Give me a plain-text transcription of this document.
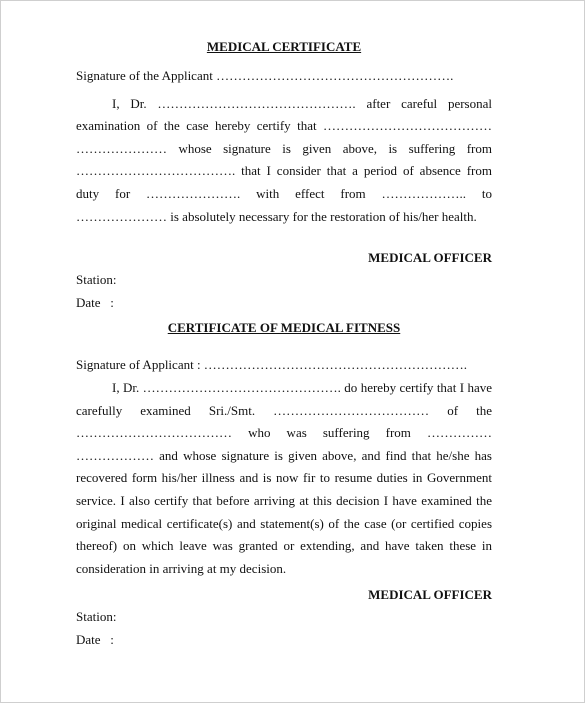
MEDICAL CERTIFICATE

Signature of the Applicant ……………………………………………….

I, Dr. ………………………………………. after careful personal examination of the case hereby certify that ………………………………… ………………… whose signature is given above, is suffering from ………………………………. that I consider that a period of absence from duty for …………………. with effect from ……………….. to ………………… is absolutely necessary for the restoration of his/her health.

MEDICAL OFFICER

Station:

Date   :

CERTIFICATE OF MEDICAL FITNESS

Signature of Applicant : …………………………………………………….

I, Dr. ………………………………………. do hereby certify that I have carefully examined Sri./Smt. ……………………………… of the ……………………………… who was suffering from …………… ……………… and whose signature is given above, and find that he/she has recovered form his/her illness and is now fir to resume duties in Government service. I also certify that before arriving at this decision I have examined the original medical certificate(s) and statement(s) of the case (or certified copies thereof) on which leave was granted or extending, and have taken these in consideration in arriving at my decision.

MEDICAL OFFICER

Station:

Date   :
